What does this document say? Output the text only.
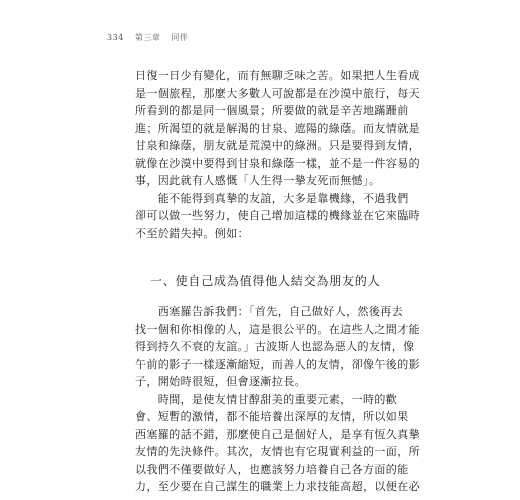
334 第三章 同伴
日復一日少有變化，而有無聊乏味之苦。如果把人生看成
是一個旅程，那麼大多數人可說都是在沙漠中旅行，每天
所看到的都是同一個風景；所要做的就是辛苦地蹣跚前
進；所渴望的就是解渴的甘泉、遮陽的綠蔭。而友情就是
甘泉和綠蔭，朋友就是荒漠中的綠洲。只是要得到友情，
就像在沙漠中要得到甘泉和綠蔭一樣，並不是一件容易的
事，因此就有人感慨「人生得一摯友死而無憾」。
　　能不能得到真摯的友誼，大多是靠機緣，不過我們
卻可以做一些努力，使自己增加這樣的機緣並在它來臨時
不至於錯失掉。例如：
一、使自己成為值得他人結交為朋友的人
　　西塞羅告訴我們：「首先，自己做好人，然後再去
找一個和你相像的人，這是很公平的。在這些人之間才能
得到持久不衰的友誼。」古波斯人也認為惡人的友情，像
午前的影子一樣逐漸縮短，而善人的友情，卻像午後的影
子，開始時很短，但會逐漸拉長。
　　時間，是使友情甘醇甜美的重要元素，一時的歡
會、短暫的激情，都不能培養出深厚的友情，所以如果
西塞羅的話不錯，那麼使自己是個好人，是享有恆久真摯
友情的先決條件。其次，友情也有它現實利益的一面，所
以我們不僅要做好人，也應該努力培養自己各方面的能
力，至少要在自己謀生的職業上力求技能高超，以便在必
